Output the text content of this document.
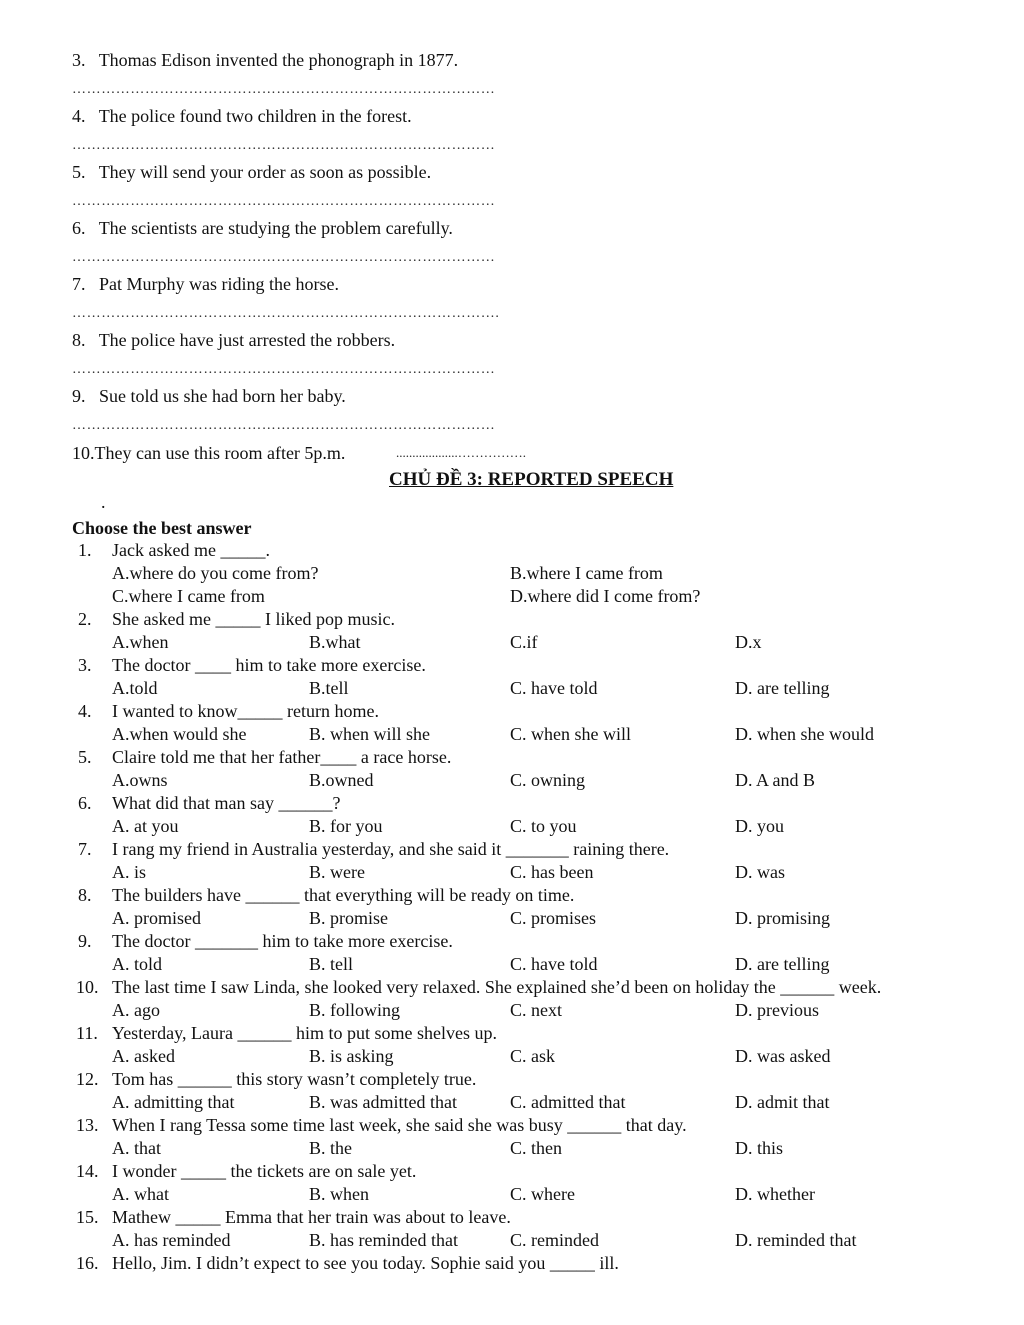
3. Thomas Edison invented the phonograph in 1877.
……………………………………………………………………………
4. The police found two children in the forest.
……………………………………………………………………………
5. They will send your order as soon as possible.
……………………………………………………………………………
6. The scientists are studying the problem carefully.
……………………………………………………………………………
7. Pat Murphy was riding the horse.
…………………………………………………………………………….
8. The police have just arrested the robbers.
……………………………………………………………………………
9. Sue told us she had born her baby.
……………………………………………………………………………
10.They can use this room after 5p.m.	...................…………….
CHỦ ĐỀ 3: REPORTED SPEECH
.
Choose the best answer
1. Jack asked me _____.
A.where do you come from?	B.where I came from
C.where I came from	D.where did I come from?
2. She asked me _____ I liked pop music.
A.when	B.what	C.if	D.x
3. The doctor ____ him to take more exercise.
A.told	B.tell	C. have told	D. are telling
4. I wanted to know_____ return home.
A.when would she	B. when will she	C. when she will	D. when she would
5. Claire told me that her father____ a race horse.
A.owns	B.owned	C. owning	D. A and B
6. What did that man say ______?
A. at you	B. for you	C. to you	D. you
7. I rang my friend in Australia yesterday, and she said it _______ raining there.
A. is	B. were	C. has been	D. was
8. The builders have ______ that everything will be ready on time.
A. promised	B. promise	C. promises	D. promising
9. The doctor _______ him to take more exercise.
A. told	B. tell	C. have told	D. are telling
10. The last time I saw Linda, she looked very relaxed. She explained she’d been on holiday the ______ week.
A. ago	B. following	C. next	D. previous
11. Yesterday, Laura ______ him to put some shelves up.
A. asked	B. is asking	C. ask	D. was asked
12. Tom has ______ this story wasn’t completely true.
A. admitting that	B. was admitted that	C. admitted that	D. admit that
13. When I rang Tessa some time last week, she said she was busy ______ that day.
A. that	B. the	C. then	D. this
14. I wonder _____ the tickets are on sale yet.
A. what	B. when	C. where	D. whether
15. Mathew _____ Emma that her train was about to leave.
A. has reminded	B. has reminded that	C. reminded	D. reminded that
16. Hello, Jim. I didn’t expect to see you today. Sophie said you _____ ill.
